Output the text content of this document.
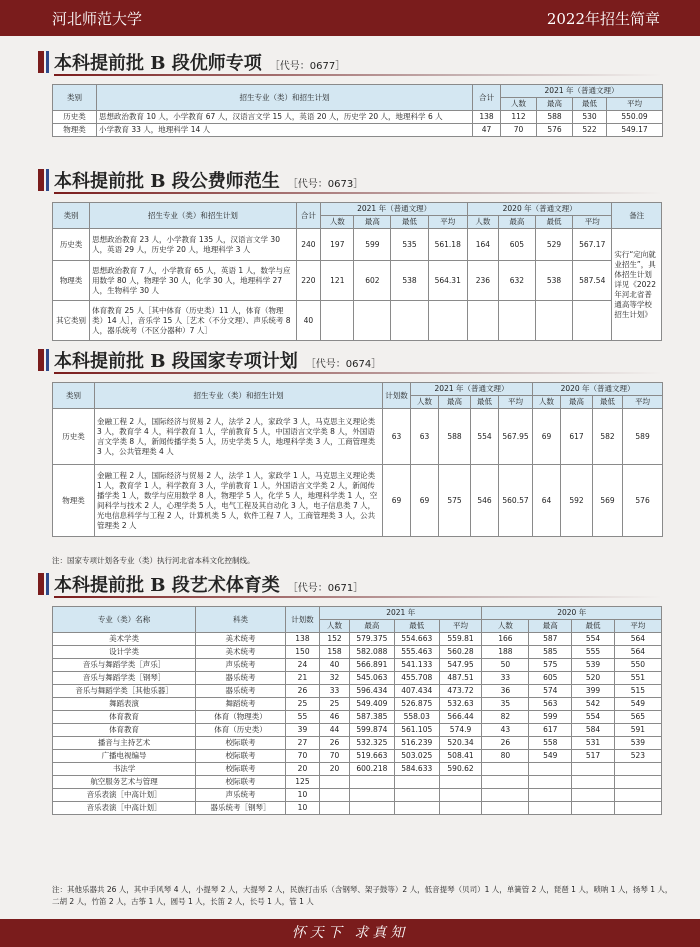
河北师范大学	2022年招生简章
本科提前批 B 段优师专项 ［代号：0677］
类别	招生专业（类）和招生计划	合计	2021 年（普通文理）			
			人数	最高	最低	平均
历史类	思想政治教育 10 人，小学教育 67 人，汉语言文学 15 人，英语 20 人，历史学 20 人，地理科学 6 人	138	112	588	530	550.09
物理类	小学教育 33 人，地理科学 14 人	47	70	576	522	549.17
本科提前批 B 段公费师范生 ［代号：0673］
类别	招生专业（类）和招生计划	合计	2021 年（普通文理）				2020 年（普通文理）				备注
			人数	最高	最低	平均	人数	最高	最低	平均	
历史类	思想政治教育 23 人，小学教育 135 人，汉语言文学 30 人，英语 29 人，历史学 20 人，地理科学 3 人	240	197	599	535	561.18	164	605	529	567.17	实行“定向就业招生”，具体招生计划详见《2022年河北省普通高等学校招生计划》
物理类	思想政治教育 7 人，小学教育 65 人，英语 1 人，数学与应用数学 80 人，物理学 30 人，化学 30 人，地理科学 27 人，生物科学 30 人	220	121	602	538	564.31	236	632	538	587.54	
其它类别	体育教育 25 人［其中体育（历史类）11 人，体育（物理类）14 人］，音乐学 15 人［艺术（不分文理）、声乐统考 8 人，器乐统考（不区分器种）7 人］	40									
本科提前批 B 段国家专项计划 ［代号：0674］
类别	招生专业（类）和招生计划	计划数	2021 年（普通文理）				2020 年（普通文理）			
			人数	最高	最低	平均	人数	最高	最低	平均
历史类	金融工程 2 人，国际经济与贸易 2 人，法学 2 人，家政学 3 人，马克思主义理论类 3 人，教育学 4 人，科学教育 1 人，学前教育 5 人，中国语言文学类 8 人，外国语言文学类 8 人，新闻传播学类 5 人，历史学类 5 人，地理科学类 3 人，工商管理类 3 人，公共管理类 4 人	63	63	588	554	567.95	69	617	582	589
物理类	金融工程 2 人，国际经济与贸易 2 人，法学 1 人，家政学 1 人，马克思主义理论类 1 人，教育学 1 人，科学教育 3 人，学前教育 1 人，外国语言文学类 2 人，新闻传播学类 1 人，数学与应用数学 8 人，物理学 5 人，化学 5 人，地理科学类 1 人，空间科学与技术 2 人，心理学类 5 人，电气工程及其自动化 3 人，电子信息类 7 人，光电信息科学与工程 2 人，计算机类 5 人，软件工程 7 人，工商管理类 3 人，公共管理类 2 人	69	69	575	546	560.57	64	592	569	576
注：国家专项计划各专业（类）执行河北省本科文化控制线。
本科提前批 B 段艺术体育类 ［代号：0671］
专业（类）名称	科类	计划数	2021 年				2020 年			
			人数	最高	最低	平均	人数	最高	最低	平均
美术学类	美术统考	138	152	579.375	554.663	559.81	166	587	554	564
设计学类	美术统考	150	158	582.088	555.463	560.28	188	585	555	564
音乐与舞蹈学类［声乐］	声乐统考	24	40	566.891	541.133	547.95	50	575	539	550
音乐与舞蹈学类［钢琴］	器乐统考	21	32	545.063	455.708	487.51	33	605	520	551
音乐与舞蹈学类［其他乐器］	器乐统考	26	33	596.434	407.434	473.72	36	574	399	515
舞蹈表演	舞蹈统考	25	25	549.409	526.875	532.63	35	563	542	549
体育教育	体育（物理类）	55	46	587.385	558.03	566.44	82	599	554	565
体育教育	体育（历史类）	39	44	599.874	561.105	574.9	43	617	584	591
播音与主持艺术	校际联考	27	26	532.325	516.239	520.34	26	558	531	539
广播电视编导	校际联考	70	70	519.663	503.025	508.41	80	549	517	523
书法学	校际联考	20	20	600.218	584.633	590.62				
航空服务艺术与管理	校际联考	125								
音乐表演［中高计划］	声乐统考	10								
音乐表演［中高计划］	器乐统考［钢琴］	10								
注：其他乐器共 26 人，其中手风琴 4 人，小提琴 2 人，大提琴 2 人，民族打击乐（含钢琴、架子鼓等）2 人，低音提琴（贝司）1 人，单簧管 2 人，琵琶 1 人，唢呐 1 人，扬琴 1 人，
二胡 2 人，竹笛 2 人，古筝 1 人，圆号 1 人，长笛 2 人，长号 1 人，管 1 人
怀天下 求真知
